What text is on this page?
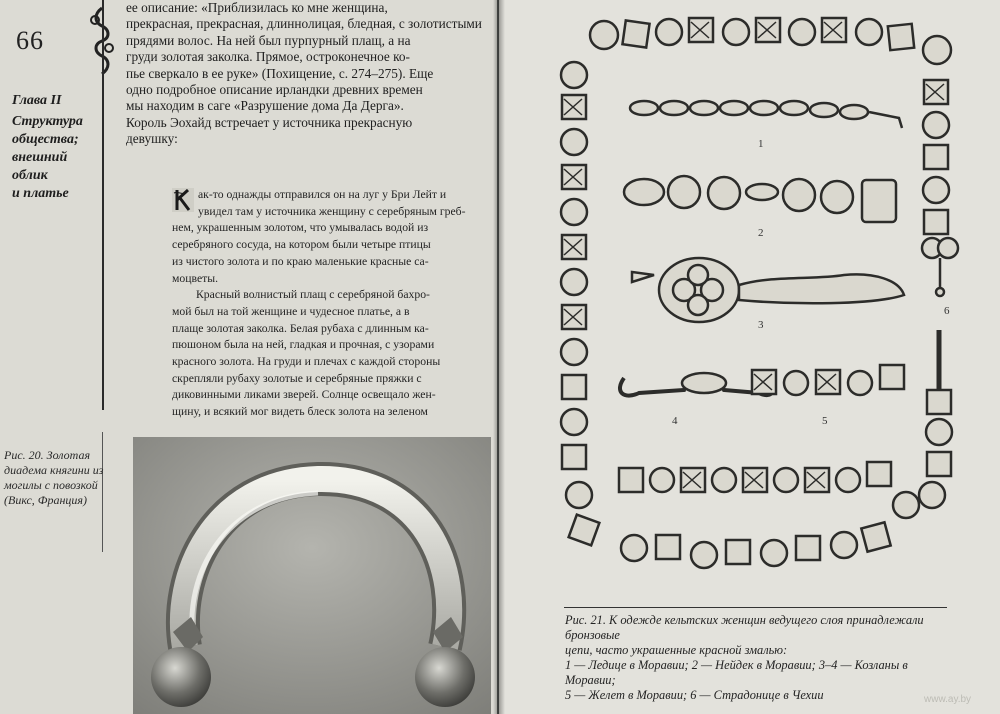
66
Глава II
Структура
общества;
внешний
облик
и платье

ее описание: «Приблизилась ко мне женщина,

прекрасная, прекрасная, длиннолицая, бледная, с золотистыми

прядями волос. На ней был пурпурный плащ, а на

груди золотая заколка. Прямое, остроконечное ко-

пье сверкало в ее руке» (Похищение, с. 274–275). Еще

одно подробное описание ирландки древних времен

мы находим в саге «Разрушение дома Да Дерга».

Король Эохайд встречает у источника прекрасную

девушку:

ак-то однажды отправился он на луг у Бри Лейт и

увидел там у источника женщину с серебряным греб-

нем, украшенным золотом, что умывалась водой из

серебряного сосуда, на котором были четыре птицы

из чистого золота и по краю маленькие красные са-

моцветы.

Красный волнистый плащ с серебряной бахро-

мой был на той женщине и чудесное платье, а в

плаще золотая заколка. Белая рубаха с длинным ка-

пюшоном была на ней, гладкая и прочная, с узорами

красного золота. На груди и плечах с каждой стороны

скрепляли рубаху золотые и серебряные пряжки с

диковинными ликами зверей. Солнце освещало жен-

щину, и всякий мог видеть блеск золота на зеленом

Рис. 20. Золотая диадема княгини из могилы с повозкой (Викс, Франция)
1
2
3
4	5
6

Рис. 21. К одежде кельтских женщин ведущего слоя принадлежали бронзовые

цепи, часто украшенные красной змалью:

1 — Ледице в Моравии; 2 — Нейдек в Моравии; 3–4 — Козланы в Моравии;

5 — Желет в Моравии; 6 — Страдонице в Чехии	www.ay.by
